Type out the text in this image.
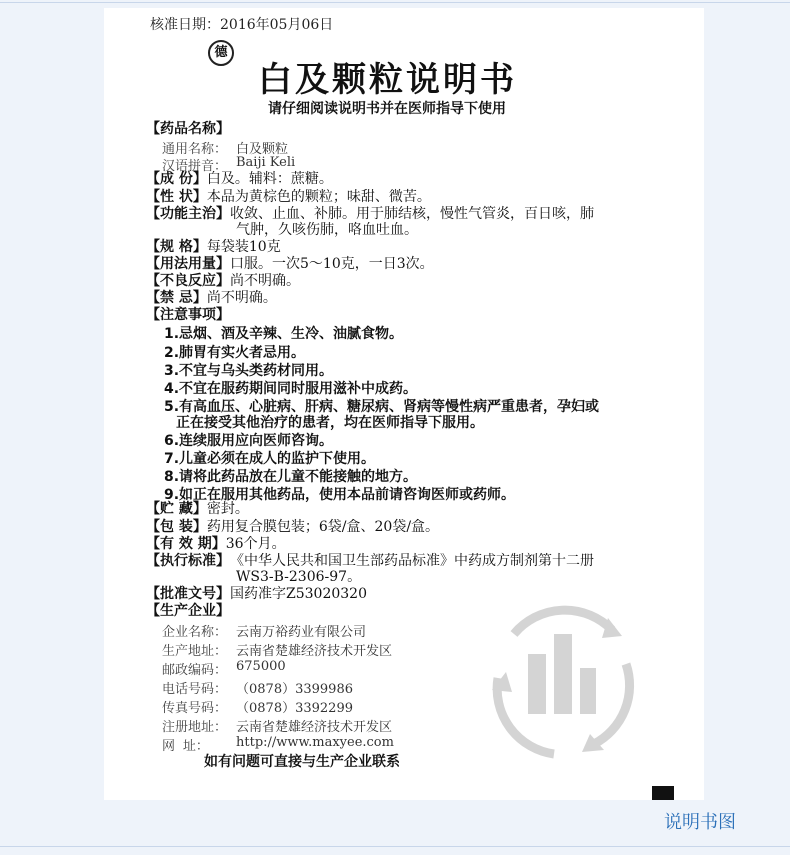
核准日期：2016年05月06日
德
白及颗粒说明书
请仔细阅读说明书并在医师指导下使用
【药品名称】
通用名称： 白及颗粒
汉语拼音： Baiji Keli
【成 份】白及。辅料：蔗糖。
【性 状】本品为黄棕色的颗粒；味甜、微苦。
【功能主治】收敛、止血、补肺。用于肺结核，慢性气管炎，百日咳，肺
气肿，久咳伤肺，咯血吐血。
【规 格】每袋装10克
【用法用量】口服。一次5～10克，一日3次。
【不良反应】尚不明确。
【禁 忌】尚不明确。
【注意事项】
1.忌烟、酒及辛辣、生冷、油腻食物。
2.肺胃有实火者忌用。
3.不宜与乌头类药材同用。
4.不宜在服药期间同时服用滋补中成药。
5.有高血压、心脏病、肝病、糖尿病、肾病等慢性病严重患者，孕妇或
正在接受其他治疗的患者，均在医师指导下服用。
6.连续服用应向医师咨询。
7.儿童必须在成人的监护下使用。
8.请将此药品放在儿童不能接触的地方。
9.如正在服用其他药品，使用本品前请咨询医师或药师。
【贮 藏】密封。
【包 装】药用复合膜包装；6袋/盒、20袋/盒。
【有 效 期】36个月。
【执行标准】《中华人民共和国卫生部药品标准》中药成方制剂第十二册
WS3-B-2306-97。
【批准文号】国药准字Z53020320
【生产企业】
企业名称： 云南万裕药业有限公司
生产地址： 云南省楚雄经济技术开发区
邮政编码： 675000
电话号码： （0878）3399986
传真号码： （0878）3392299
注册地址： 云南省楚雄经济技术开发区
网 址： http://www.maxyee.com
如有问题可直接与生产企业联系
说明书图
